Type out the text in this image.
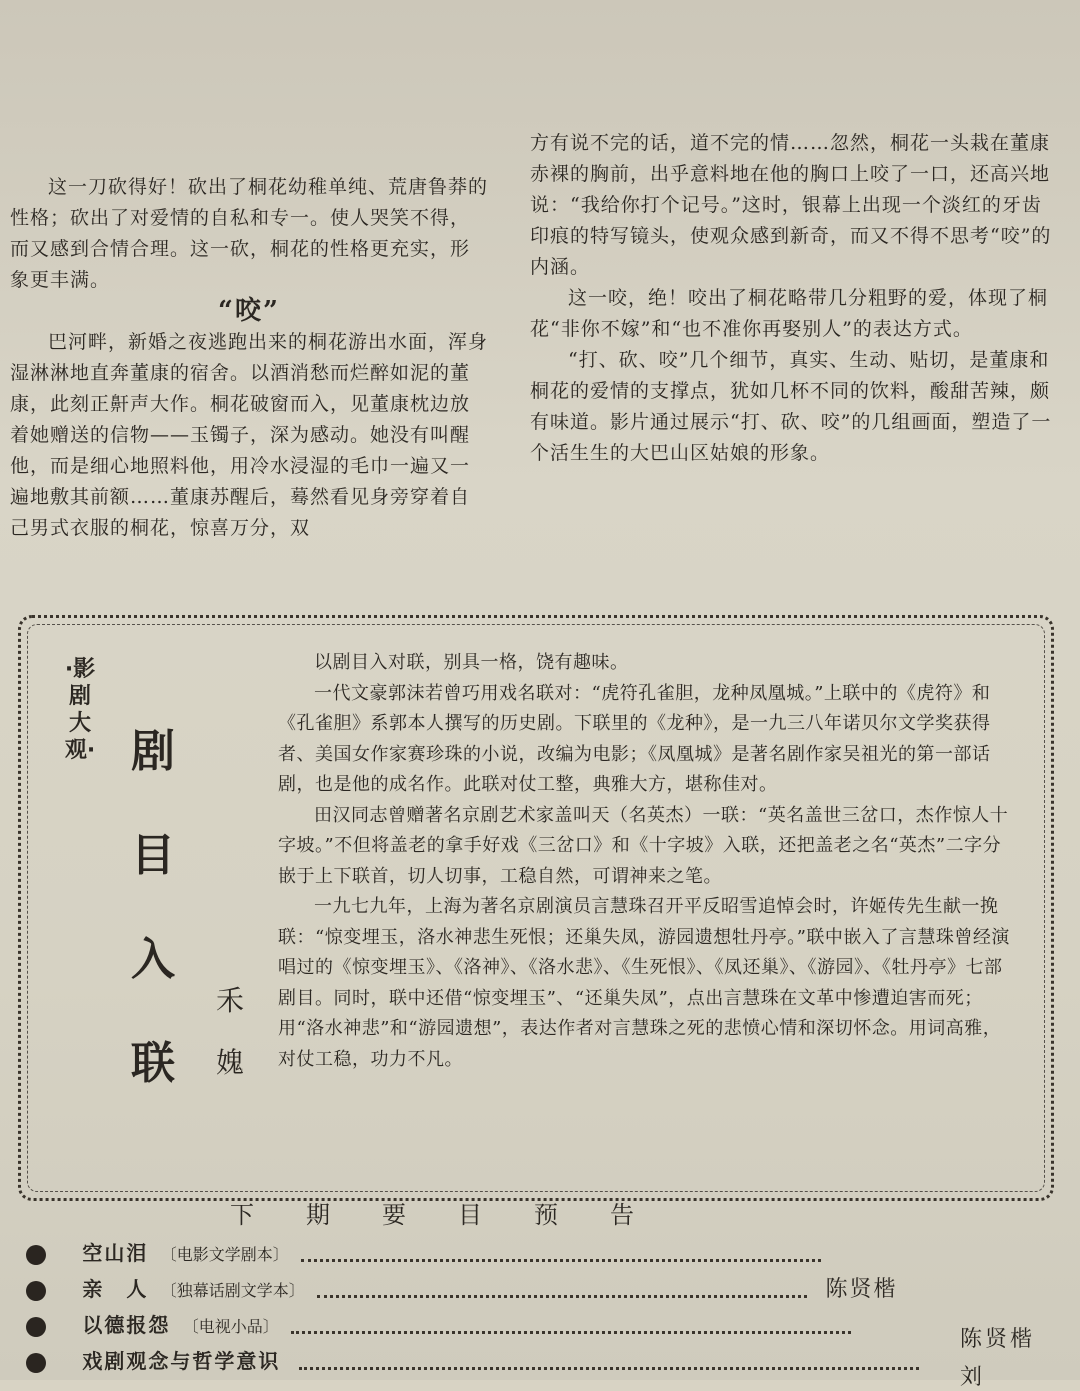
这一刀砍得好！砍出了桐花幼稚单纯、荒唐鲁莽的性格；砍出了对爱情的自私和专一。使人哭笑不得，而又感到合情合理。这一砍，桐花的性格更充实，形象更丰满。

“咬”

巴河畔，新婚之夜逃跑出来的桐花游出水面，浑身湿淋淋地直奔董康的宿舍。以酒消愁而烂醉如泥的董康，此刻正鼾声大作。桐花破窗而入，见董康枕边放着她赠送的信物——玉镯子，深为感动。她没有叫醒他，而是细心地照料他，用冷水浸湿的毛巾一遍又一遍地敷其前额……董康苏醒后，蓦然看见身旁穿着自己男式衣服的桐花，惊喜万分，双

方有说不完的话，道不完的情……忽然，桐花一头栽在董康赤裸的胸前，出乎意料地在他的胸口上咬了一口，还高兴地说：“我给你打个记号。”这时，银幕上出现一个淡红的牙齿印痕的特写镜头，使观众感到新奇，而又不得不思考“咬”的内涵。

这一咬，绝！咬出了桐花略带几分粗野的爱，体现了桐花“非你不嫁”和“也不准你再娶别人”的表达方式。

“打、砍、咬”几个细节，真实、生动、贴切，是董康和桐花的爱情的支撑点，犹如几杯不同的饮料，酸甜苦辣，颇有味道。影片通过展示“打、砍、咬”的几组画面，塑造了一个活生生的大巴山区姑娘的形象。

·影剧大观· 剧目入联
禾媿

以剧目入对联，别具一格，饶有趣味。

一代文豪郭沫若曾巧用戏名联对：“虎符孔雀胆，龙种凤凰城。”上联中的《虎符》和《孔雀胆》系郭本人撰写的历史剧。下联里的《龙种》，是一九三八年诺贝尔文学奖获得者、美国女作家赛珍珠的小说，改编为电影；《凤凰城》是著名剧作家吴祖光的第一部话剧，也是他的成名作。此联对仗工整，典雅大方，堪称佳对。

田汉同志曾赠著名京剧艺术家盖叫天（名英杰）一联：“英名盖世三岔口，杰作惊人十字坡。”不但将盖老的拿手好戏《三岔口》和《十字坡》入联，还把盖老之名“英杰”二字分嵌于上下联首，切人切事，工稳自然，可谓神来之笔。

一九七九年，上海为著名京剧演员言慧珠召开平反昭雪追悼会时，许姬传先生献一挽联：“惊变埋玉，洛水神悲生死恨；还巢失凤，游园遗想牡丹亭。”联中嵌入了言慧珠曾经演唱过的《惊变埋玉》、《洛神》、《洛水悲》、《生死恨》、《凤还巢》、《游园》、《牡丹亭》七部剧目。同时，联中还借“惊变埋玉”、“还巢失凤”，点出言慧珠在文革中惨遭迫害而死；用“洛水神悲”和“游园遗想”，表达作者对言慧珠之死的悲愤心情和深切怀念。用词高雅，对仗工稳，功力不凡。

下期要目预告
空山泪 〔电影文学剧本〕
亲　人 〔独幕话剧文学本〕	陈贤楷
以德报怨 〔电视小品〕
戏剧观念与哲学意识
陈贤楷
刘
